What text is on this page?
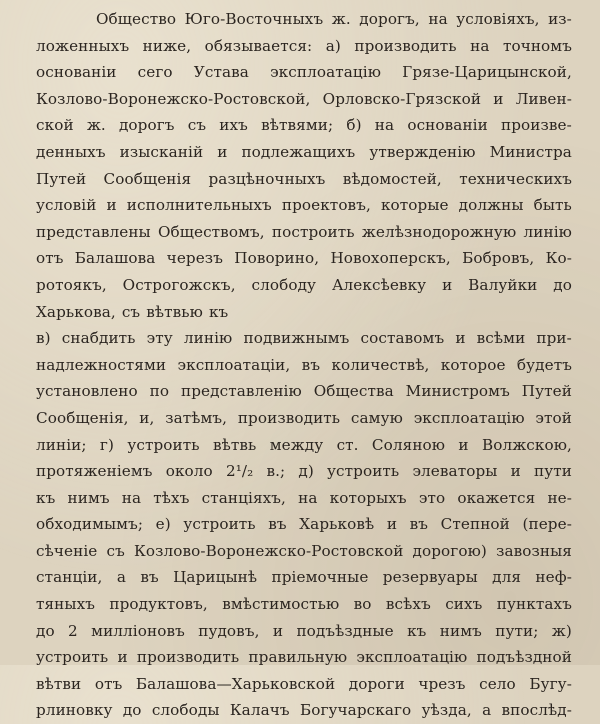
Общество Юго-Восточныхъ ж. дорогъ, на условіяхъ, из-
ложенныхъ ниже, обязывается: а) производить на точномъ
основаніи сего Устава эксплоатацію Грязе-Царицынской,
Козлово-Воронежско-Ростовской, Орловско-Грязской и Ливен-
ской ж. дорогъ съ ихъ вѣтвями; б) на основаніи произве-
денныхъ изысканій и подлежащихъ утвержденію Министра
Путей Сообщенія разцѣночныхъ вѣдомостей, техническихъ
условій и исполнительныхъ проектовъ, которые должны быть
представлены Обществомъ, построить желѣзнодорожную линію
отъ Балашова черезъ Поворино, Новохоперскъ, Бобровъ, Ко-
ротоякъ, Острогожскъ, слободу Алексѣевку и Валуйки до
Харькова, съ вѣтвью къ
в) снабдить эту линію подвижнымъ составомъ и всѣми при-
надлежностями эксплоатаціи, въ количествѣ, которое будетъ
установлено по представленію Общества Министромъ Путей
Сообщенія, и, затѣмъ, производить самую эксплоатацію этой
линіи; г) устроить вѣтвь между ст. Соляною и Волжскою,
протяженіемъ около 2¹/₂ в.; д) устроить элеваторы и пути
къ нимъ на тѣхъ станціяхъ, на которыхъ это окажется не-
обходимымъ; е) устроить въ Харьковѣ и въ Степной (пере-
сѣченіе съ Козлово-Воронежско-Ростовской дорогою) завозныя
станціи, а въ Царицынѣ пріемочные резервуары для неф-
тяныхъ продуктовъ, вмѣстимостью во всѣхъ сихъ пунктахъ
до 2 милліоновъ пудовъ, и подъѣздные къ нимъ пути; ж)
устроить и производить правильную эксплоатацію подъѣздной
вѣтви отъ Балашова—Харьковской дороги чрезъ село Бугу-
рлиновку до слободы Калачъ Богучарскаго уѣзда, а впослѣд-
